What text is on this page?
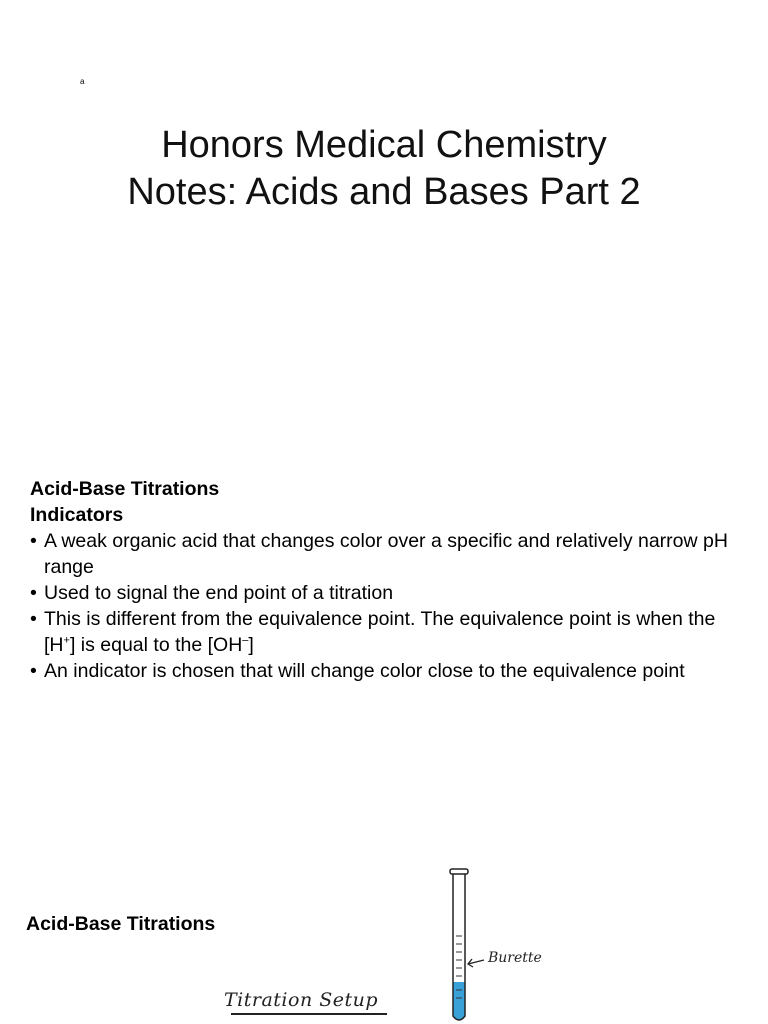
a
Honors Medical Chemistry
Notes: Acids and Bases Part 2
Acid-Base Titrations
Indicators
• A weak organic acid that changes color over a specific and relatively narrow pH range
• Used to signal the end point of a titration
• This is different from the equivalence point. The equivalence point is when the [H+] is equal to the [OH–]
• An indicator is chosen that will change color close to the equivalence point
Acid-Base Titrations
Titration Setup
Burette
